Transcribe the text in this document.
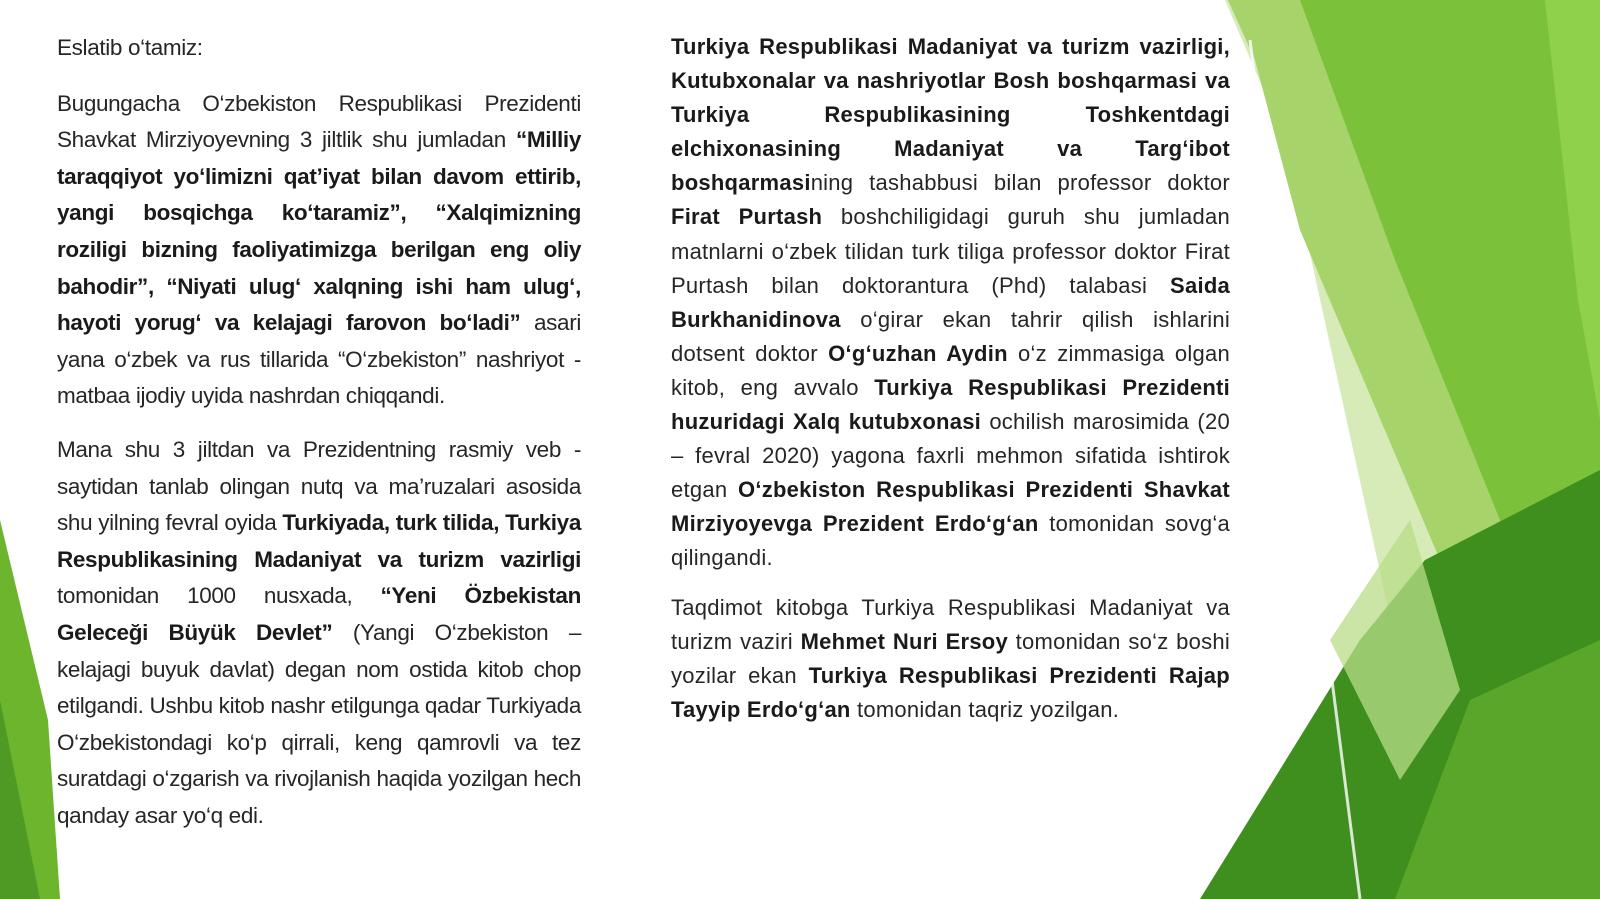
Eslatib o‘tamiz:

Bugungacha O‘zbekiston Respublikasi Prezidenti Shavkat Mirziyoyevning 3 jiltlik shu jumladan “Milliy taraqqiyot yo‘limizni qat’iyat bilan davom ettirib, yangi bosqichga ko‘taramiz”, “Xalqimizning roziligi bizning faoliyatimizga berilgan eng oliy bahodir”, “Niyati ulug‘ xalqning ishi ham ulug‘, hayoti yorug‘ va kelajagi farovon bo‘ladi” asari yana o‘zbek va rus tillarida “O‘zbekiston” nashriyot - matbaa ijodiy uyida nashrdan chiqqandi.

Mana shu 3 jiltdan va Prezidentning rasmiy veb - saytidan tanlab olingan nutq va ma’ruzalari asosida shu yilning fevral oyida Turkiyada, turk tilida, Turkiya Respublikasining Madaniyat va turizm vazirligi tomonidan 1000 nusxada, “Yeni Özbekistan Geleceği Büyük Devlet” (Yangi O‘zbekiston – kelajagi buyuk davlat) degan nom ostida kitob chop etilgandi. Ushbu kitob nashr etilgunga qadar Turkiyada O‘zbekistondagi ko‘p qirrali, keng qamrovli va tez suratdagi o‘zgarish va rivojlanish haqida yozilgan hech qanday asar yo‘q edi.

Turkiya Respublikasi Madaniyat va turizm vazirligi, Kutubxonalar va nashriyotlar Bosh boshqarmasi va Turkiya Respublikasining Toshkentdagi elchixonasining Madaniyat va Targ‘ibot boshqarmasining tashabbusi bilan professor doktor Firat Purtash boshchiligidagi guruh shu jumladan matnlarni o‘zbek tilidan turk tiliga professor doktor Firat Purtash bilan doktorantura (Phd) talabasi Saida Burkhanidinova o‘girar ekan tahrir qilish ishlarini dotsent doktor O‘g‘uzhan Aydin o‘z zimmasiga olgan kitob, eng avvalo Turkiya Respublikasi Prezidenti huzuridagi Xalq kutubxonasi ochilish marosimida (20 – fevral 2020) yagona faxrli mehmon sifatida ishtirok etgan O‘zbekiston Respublikasi Prezidenti Shavkat Mirziyoyevga Prezident Erdo‘g‘an tomonidan sovg‘a qilingandi.

Taqdimot kitobga Turkiya Respublikasi Madaniyat va turizm vaziri Mehmet Nuri Ersoy tomonidan so‘z boshi yozilar ekan Turkiya Respublikasi Prezidenti Rajap Tayyip Erdo‘g‘an tomonidan taqriz yozilgan.
